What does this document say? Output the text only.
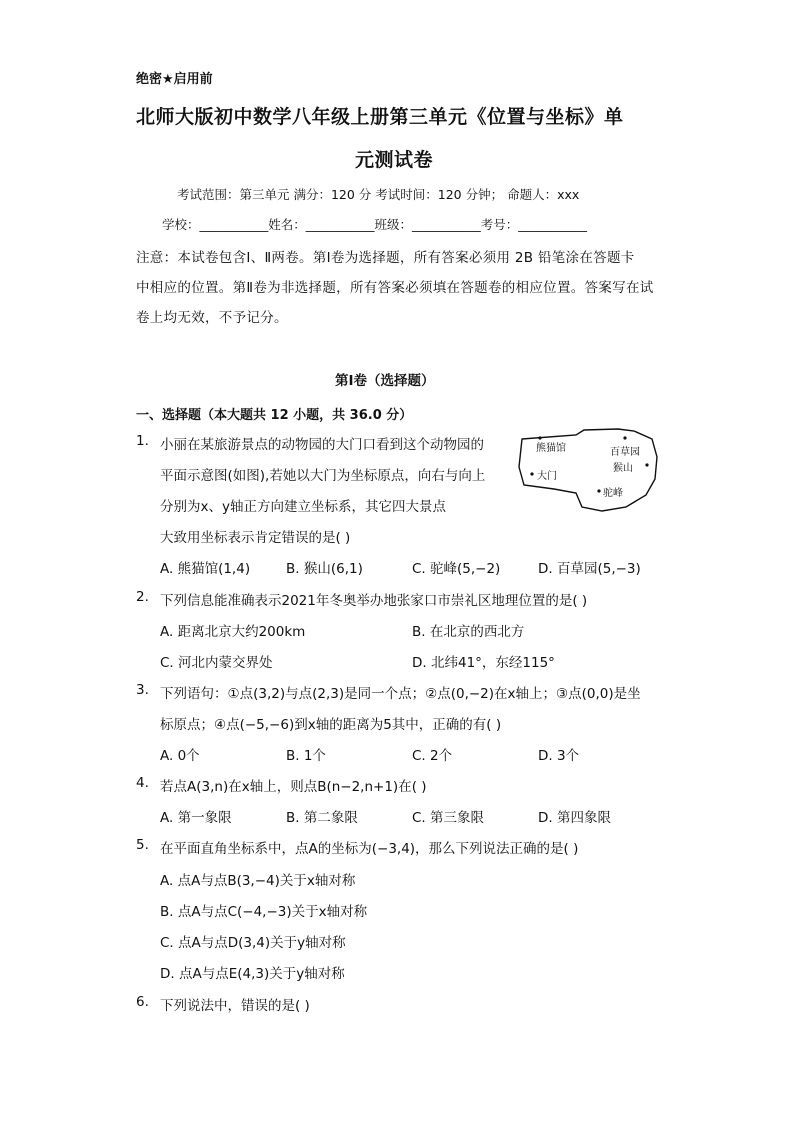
绝密★启用前
北师大版初中数学八年级上册第三单元《位置与坐标》单
元测试卷
考试范围：第三单元 满分：120 分 考试时间：120 分钟； 命题人：xxx
学校：___________姓名：___________班级：___________考号：___________
注意：本试卷包含Ⅰ、Ⅱ两卷。第Ⅰ卷为选择题，所有答案必须用 2B 铅笔涂在答题卡
中相应的位置。第Ⅱ卷为非选择题，所有答案必须填在答题卷的相应位置。答案写在试
卷上均无效，不予记分。
第Ⅰ卷（选择题）
一、选择题（本大题共 12 小题，共 36.0 分）
1. 小丽在某旅游景点的动物园的大门口看到这个动物园的
平面示意图(如图),若她以大门为坐标原点，向右与向上
分别为x、y轴正方向建立坐标系，其它四大景点
大致用坐标表示肯定错误的是( )
熊猫馆	百草园
大门
猴山
驼峰
A. 熊猫馆(1,4)	B. 猴山(6,1)	C. 驼峰(5,−2)	D. 百草园(5,−3)
2. 下列信息能准确表示2021年冬奥举办地张家口市崇礼区地理位置的是( )
A. 距离北京大约200km	B. 在北京的西北方
C. 河北内蒙交界处	D. 北纬41°，东经115°
3. 下列语句：①点(3,2)与点(2,3)是同一个点；②点(0,−2)在x轴上；③点(0,0)是坐
标原点；④点(−5,−6)到x轴的距离为5其中，正确的有( )
A. 0个	B. 1个	C. 2个	D. 3个
4. 若点A(3,n)在x轴上，则点B(n−2,n+1)在( )
A. 第一象限	B. 第二象限	C. 第三象限	D. 第四象限
5. 在平面直角坐标系中，点A的坐标为(−3,4)，那么下列说法正确的是( )
A. 点A与点B(3,−4)关于x轴对称
B. 点A与点C(−4,−3)关于x轴对称
C. 点A与点D(3,4)关于y轴对称
D. 点A与点E(4,3)关于y轴对称
6. 下列说法中，错误的是( )
